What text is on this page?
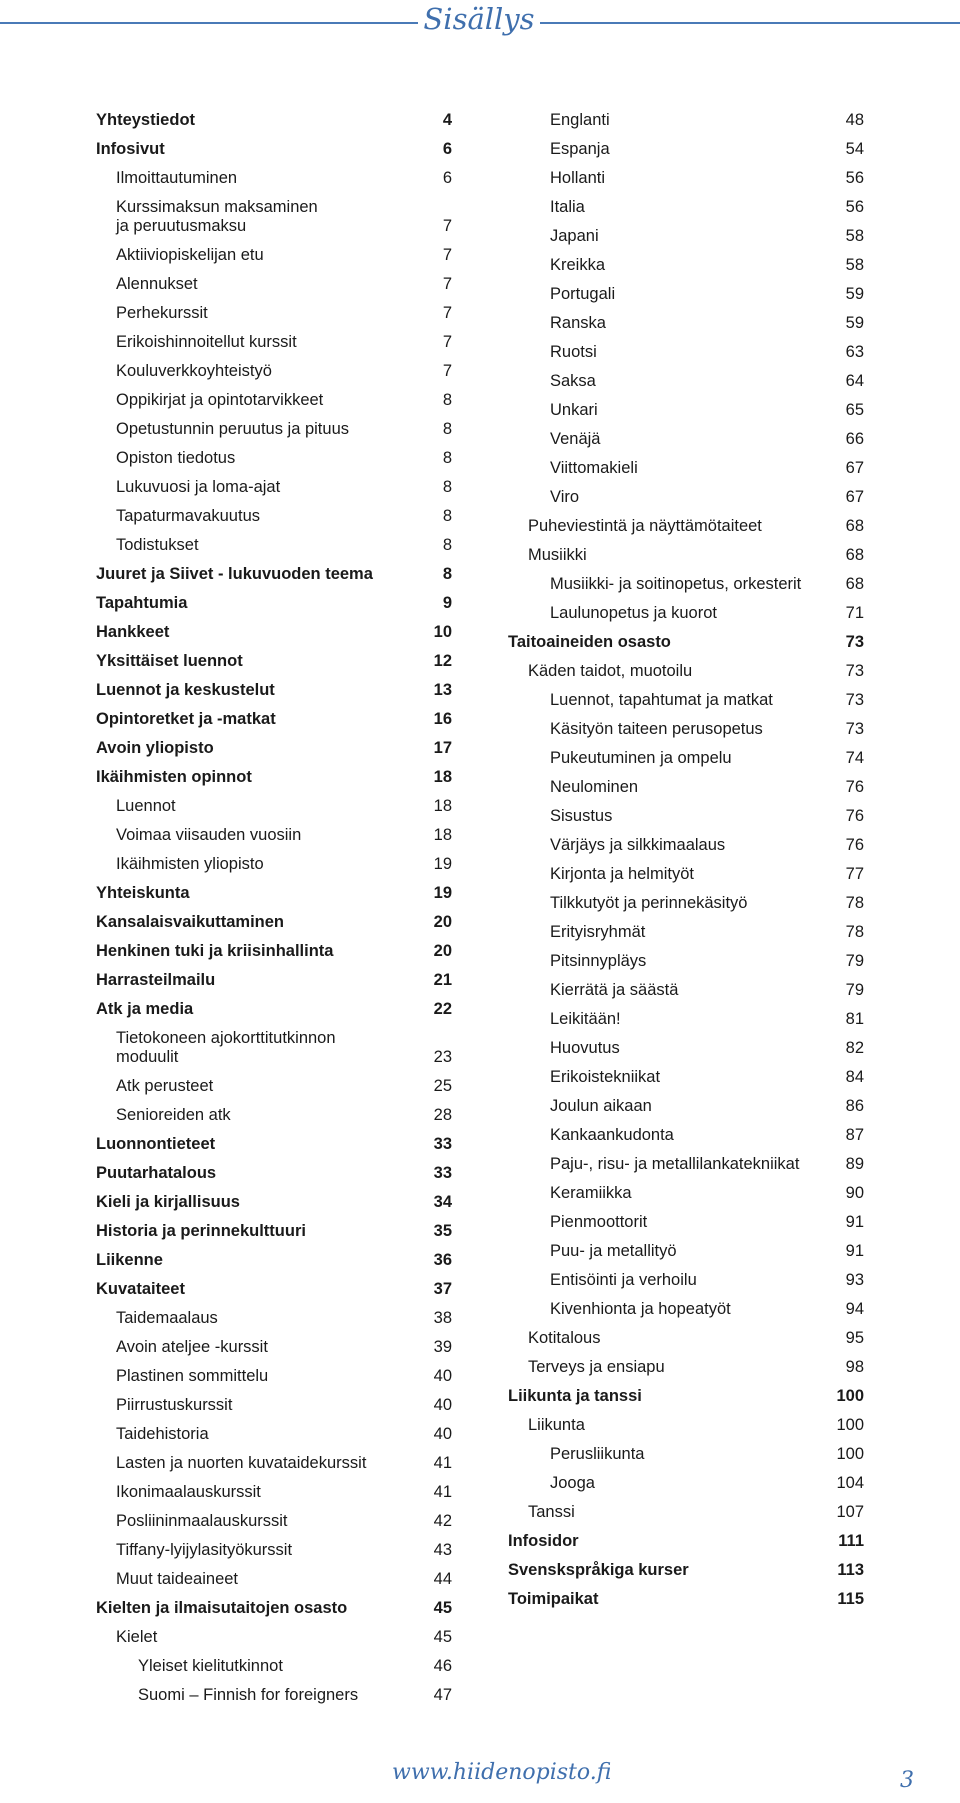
Sisällys
Yhteystiedot	4
Infosivut	6
Ilmoittautuminen	6
Kurssimaksun maksaminen
ja peruutusmaksu	7
Aktiiviopiskelijan etu	7
Alennukset	7
Perhekurssit	7
Erikoishinnoitellut kurssit	7
Kouluverkkoyhteistyö	7
Oppikirjat ja opintotarvikkeet	8
Opetustunnin peruutus ja pituus	8
Opiston tiedotus	8
Lukuvuosi ja loma-ajat	8
Tapaturmavakuutus	8
Todistukset	8
Juuret ja Siivet - lukuvuoden teema	8
Tapahtumia	9
Hankkeet	10
Yksittäiset luennot	12
Luennot ja keskustelut	13
Opintoretket ja -matkat	16
Avoin yliopisto	17
Ikäihmisten opinnot	18
Luennot	18
Voimaa viisauden vuosiin	18
Ikäihmisten yliopisto	19
Yhteiskunta	19
Kansalaisvaikuttaminen	20
Henkinen tuki ja kriisinhallinta	20
Harrasteilmailu	21
Atk ja media	22
Tietokoneen ajokorttitutkinnon
moduulit	23
Atk perusteet	25
Senioreiden atk	28
Luonnontieteet	33
Puutarhatalous	33
Kieli ja kirjallisuus	34
Historia ja perinnekulttuuri	35
Liikenne	36
Kuvataiteet	37
Taidemaalaus	38
Avoin ateljee -kurssit	39
Plastinen sommittelu	40
Piirrustuskurssit	40
Taidehistoria	40
Lasten ja nuorten kuvataidekurssit	41
Ikonimaalauskurssit	41
Posliininmaalauskurssit	42
Tiffany-lyijylasityökurssit	43
Muut taideaineet	44
Kielten ja ilmaisutaitojen osasto	45
Kielet	45
Yleiset kielitutkinnot	46
Suomi – Finnish for foreigners	47
Englanti	48
Espanja	54
Hollanti	56
Italia	56
Japani	58
Kreikka	58
Portugali	59
Ranska	59
Ruotsi	63
Saksa	64
Unkari	65
Venäjä	66
Viittomakieli	67
Viro	67
Puheviestintä ja näyttämötaiteet	68
Musiikki	68
Musiikki- ja soitinopetus, orkesterit	68
Laulunopetus ja kuorot	71
Taitoaineiden osasto	73
Käden taidot, muotoilu	73
Luennot, tapahtumat ja matkat	73
Käsityön taiteen perusopetus	73
Pukeutuminen ja ompelu	74
Neulominen	76
Sisustus	76
Värjäys ja silkkimaalaus	76
Kirjonta ja helmityöt	77
Tilkkutyöt ja perinnekäsityö	78
Erityisryhmät	78
Pitsinnypläys	79
Kierrätä ja säästä	79
Leikitään!	81
Huovutus	82
Erikoistekniikat	84
Joulun aikaan	86
Kankaankudonta	87
Paju-, risu- ja metallilankatekniikat	89
Keramiikka	90
Pienmoottorit	91
Puu- ja metallityö	91
Entisöinti ja verhoilu	93
Kivenhionta ja hopeatyöt	94
Kotitalous	95
Terveys ja ensiapu	98
Liikunta ja tanssi	100
Liikunta	100
Perusliikunta	100
Jooga	104
Tanssi	107
Infosidor	111
Svenskspråkiga kurser	113
Toimipaikat	115
www.hiidenopisto.fi	3
